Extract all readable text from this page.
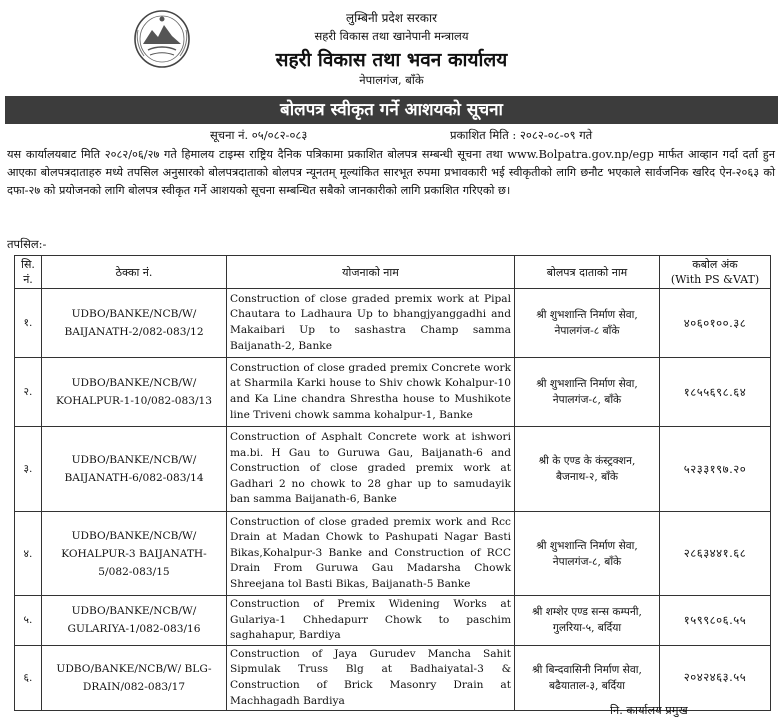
लुम्बिनी प्रदेश सरकार
सहरी विकास तथा खानेपानी मन्त्रालय
सहरी विकास तथा भवन कार्यालय
नेपालगंज, बाँके
बोलपत्र स्वीकृत गर्ने आशयको सूचना
सूचना नं. ०५/०८२-०८३	प्रकाशित मिति : २०८२-०८-०९ गते
यस कार्यालयबाट मिति २०८२/०६/२७ गते हिमालय टाइम्स राष्ट्रिय दैनिक पत्रिकामा प्रकाशित बोलपत्र सम्बन्धी सूचना तथा www.Bolpatra.gov.np/egp मार्फत आव्हान गर्दा दर्ता हुन आएका बोलपत्रदाताहरु मध्ये तपसिल अनुसारको बोलपत्रदाताको बोलपत्र न्यूनतम् मूल्यांकित सारभूत रुपमा प्रभावकारी भई स्वीकृतीको लागि छनौट भएकाले सार्वजनिक खरिद ऐन-२०६३ को दफा-२७ को प्रयोजनको लागि बोलपत्र स्वीकृत गर्ने आशयको सूचना सम्बन्धित सबैको जानकारीको लागि प्रकाशित गरिएको छ।
तपसिल:-
सि. नं.	ठेक्का नं.	योजनाको नाम	बोलपत्र दाताको नाम	कबोल अंक
(With PS &VAT)

१.	UDBO/BANKE/NCB/W/ BAIJANATH-2/082-083/12	Construction of close graded premix work at Pipal Chautara to Ladhaura Up to bhangjyanggadhi and Makaibari Up to sashastra Champ samma Baijanath-2, Banke	श्री शुभशान्ति निर्माण सेवा, नेपालगंज-८ बाँके	४०६०१००.३८
२.	UDBO/BANKE/NCB/W/ KOHALPUR-1-10/082-083/13	Construction of close graded premix Concrete work at Sharmila Karki house to Shiv chowk Kohalpur-10 and Ka Line chandra Shrestha house to Mushikote line Triveni chowk samma kohalpur-1, Banke	श्री शुभशान्ति निर्माण सेवा, नेपालगंज-८, बाँके	१८५५६९८.६४
३.	UDBO/BANKE/NCB/W/ BAIJANATH-6/082-083/14	Construction of Asphalt Concrete work at ishwori ma.bi. H Gau to Guruwa Gau, Baijanath-6 and Construction of close graded premix work at Gadhari 2 no chowk to 28 ghar up to samudayik ban samma Baijanath-6, Banke	श्री के एण्ड के कंस्ट्रक्शन, बैजनाथ-२, बाँके	५२३३१९७.२०
४.	UDBO/BANKE/NCB/W/ KOHALPUR-3 BAIJANATH-5/082-083/15	Construction of close graded premix work and Rcc Drain at Madan Chowk to Pashupati Nagar Basti Bikas,Kohalpur-3 Banke and Construction of RCC Drain From Guruwa Gau Madarsha Chowk Shreejana tol Basti Bikas, Baijanath-5 Banke	श्री शुभशान्ति निर्माण सेवा, नेपालगंज-८, बाँके	२८६३४४१.६८
५.	UDBO/BANKE/NCB/W/ GULARIYA-1/082-083/16	Construction of Premix Widening Works at Gulariya-1 Chhedapurr Chowk to paschim saghahapur, Bardiya	श्री शम्शेर एण्ड सन्स कम्पनी, गुलरिया-५, बर्दिया	१५९९८०६.५५
६.	UDBO/BANKE/NCB/W/ BLG-DRAIN/082-083/17	Construction of Jaya Gurudev Mancha Sahit Sipmulak Truss Blg at Badhaiyatal-3 & Construction of Brick Masonry Drain at Machhagadh Bardiya	श्री बिन्दवासिनी निर्माण सेवा, बढैयाताल-३, बर्दिया	२०४२४६३.५५
नि. कार्यालय प्रमुख
